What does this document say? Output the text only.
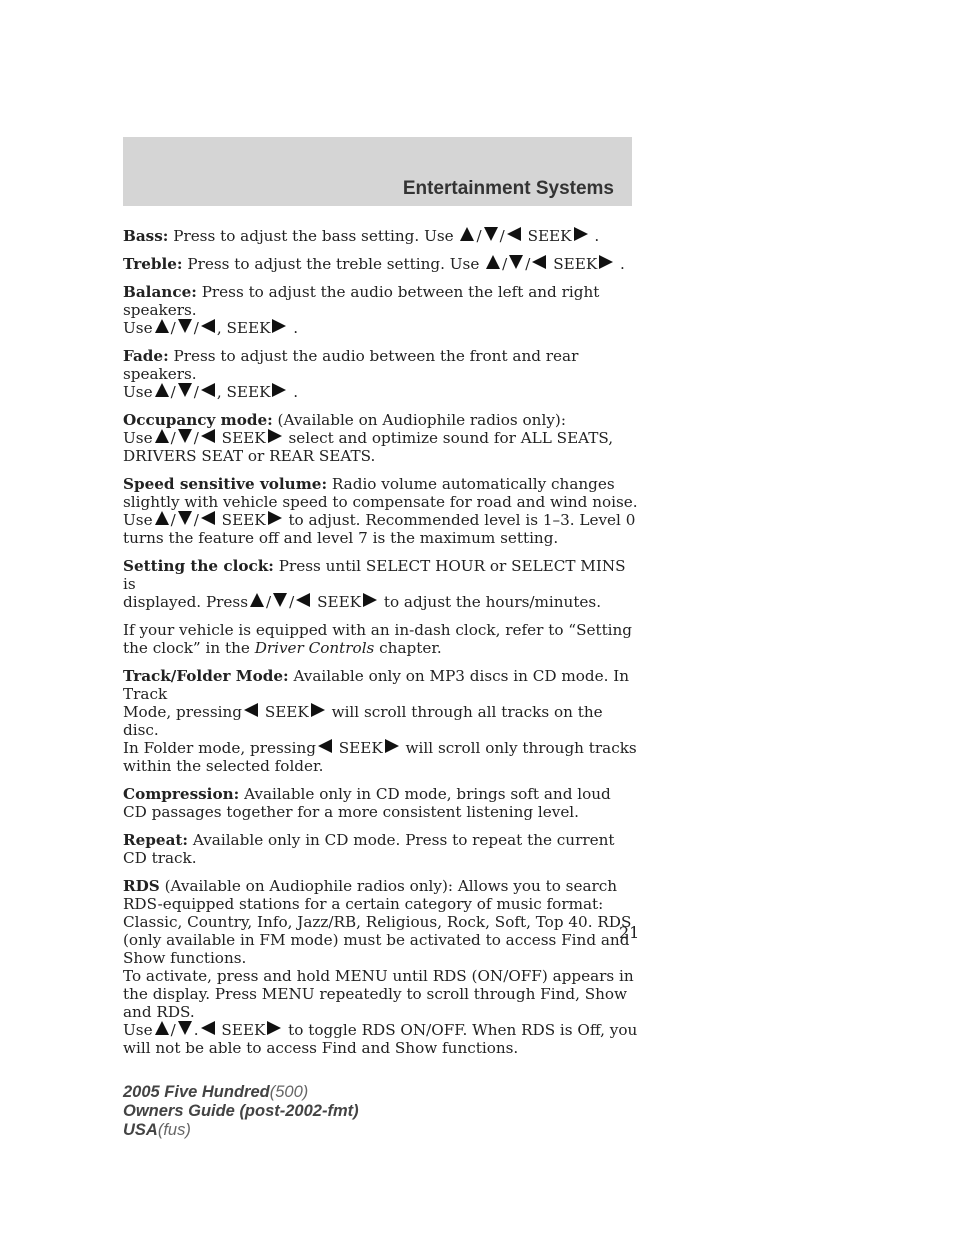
Entertainment Systems

Bass: Press to adjust the bass setting. Use / / SEEK .

Treble: Press to adjust the treble setting. Use / / SEEK .

Balance: Press to adjust the audio between the left and right speakers.

Use / / , SEEK .

Fade: Press to adjust the audio between the front and rear speakers.

Use / / , SEEK .

Occupancy mode: (Available on Audiophile radios only):

Use / / SEEK select and optimize sound for ALL SEATS,

DRIVERS SEAT or REAR SEATS.

Speed sensitive volume: Radio volume automatically changes slightly with vehicle speed to compensate for road and wind noise.

Use / / SEEK to adjust. Recommended level is 1–3. Level 0

turns the feature off and level 7 is the maximum setting.

Setting the clock: Press until SELECT HOUR or SELECT MINS is

displayed. Press / / SEEK to adjust the hours/minutes.

If your vehicle is equipped with an in-dash clock, refer to “Setting the clock” in the Driver Controls chapter.

Track/Folder Mode: Available only on MP3 discs in CD mode. In Track

Mode, pressing SEEK will scroll through all tracks on the disc.

In Folder mode, pressing SEEK will scroll only through tracks

within the selected folder.

Compression: Available only in CD mode, brings soft and loud CD passages together for a more consistent listening level.

Repeat: Available only in CD mode. Press to repeat the current CD track.

RDS (Available on Audiophile radios only): Allows you to search RDS-equipped stations for a certain category of music format: Classic, Country, Info, Jazz/RB, Religious, Rock, Soft, Top 40. RDS (only available in FM mode) must be activated to access Find and Show functions.

To activate, press and hold MENU until RDS (ON/OFF) appears in the display. Press MENU repeatedly to scroll through Find, Show and RDS.

Use / . SEEK to toggle RDS ON/OFF. When RDS is Off, you

will not be able to access Find and Show functions.

21
2005 Five Hundred(500)
Owners Guide (post-2002-fmt)
USA(fus)
